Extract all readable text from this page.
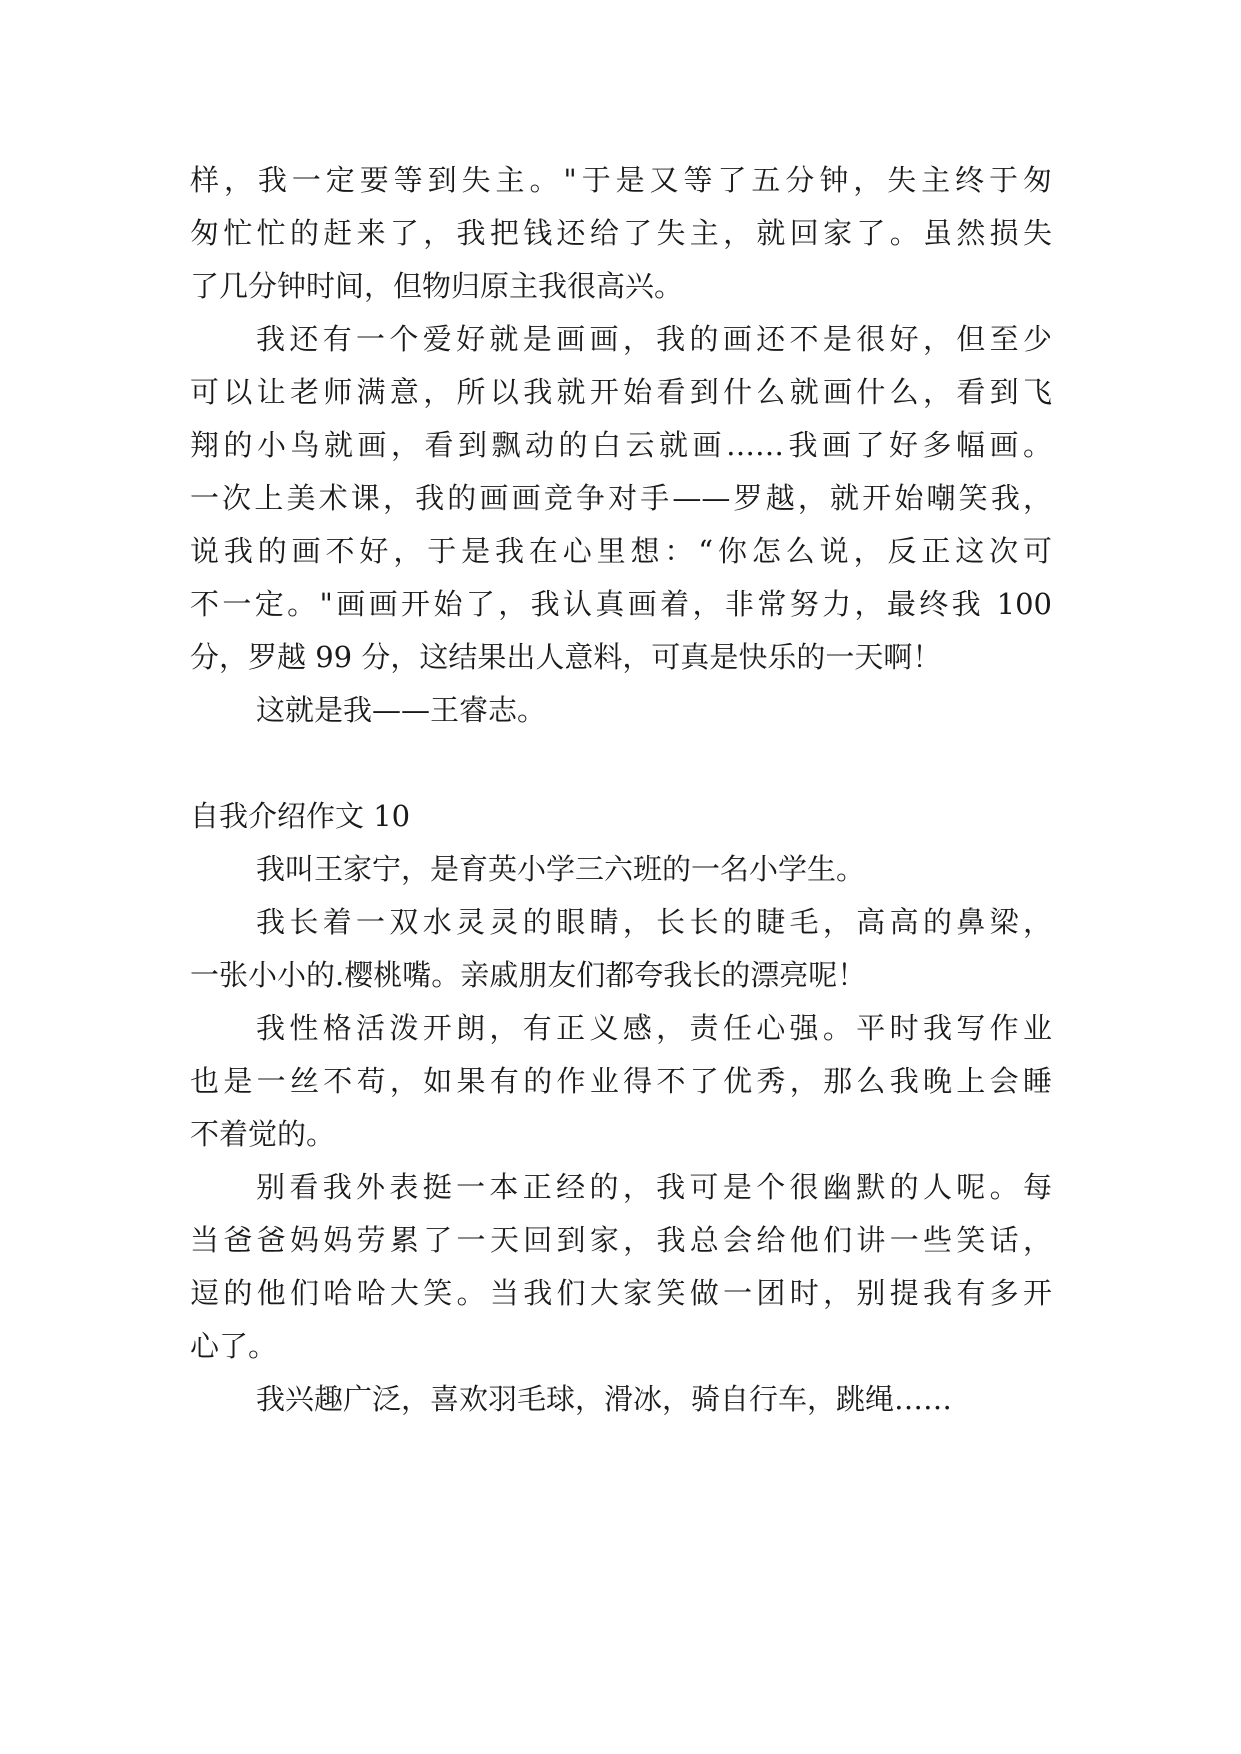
样，我一定要等到失主。"于是又等了五分钟，失主终于匆
匆忙忙的赶来了，我把钱还给了失主，就回家了。虽然损失
了几分钟时间，但物归原主我很高兴。
我还有一个爱好就是画画，我的画还不是很好，但至少
可以让老师满意，所以我就开始看到什么就画什么，看到飞
翔的小鸟就画，看到飘动的白云就画……我画了好多幅画。
一次上美术课，我的画画竞争对手——罗越，就开始嘲笑我，
说我的画不好，于是我在心里想：“你怎么说，反正这次可
不一定。"画画开始了，我认真画着，非常努力，最终我 100
分，罗越 99 分，这结果出人意料，可真是快乐的一天啊！
这就是我——王睿志。
自我介绍作文 10
我叫王家宁，是育英小学三六班的一名小学生。
我长着一双水灵灵的眼睛，长长的睫毛，高高的鼻梁，
一张小小的.樱桃嘴。亲戚朋友们都夸我长的漂亮呢！
我性格活泼开朗，有正义感，责任心强。平时我写作业
也是一丝不苟，如果有的作业得不了优秀，那么我晚上会睡
不着觉的。
别看我外表挺一本正经的，我可是个很幽默的人呢。每
当爸爸妈妈劳累了一天回到家，我总会给他们讲一些笑话，
逗的他们哈哈大笑。当我们大家笑做一团时，别提我有多开
心了。
我兴趣广泛，喜欢羽毛球，滑冰，骑自行车，跳绳……
